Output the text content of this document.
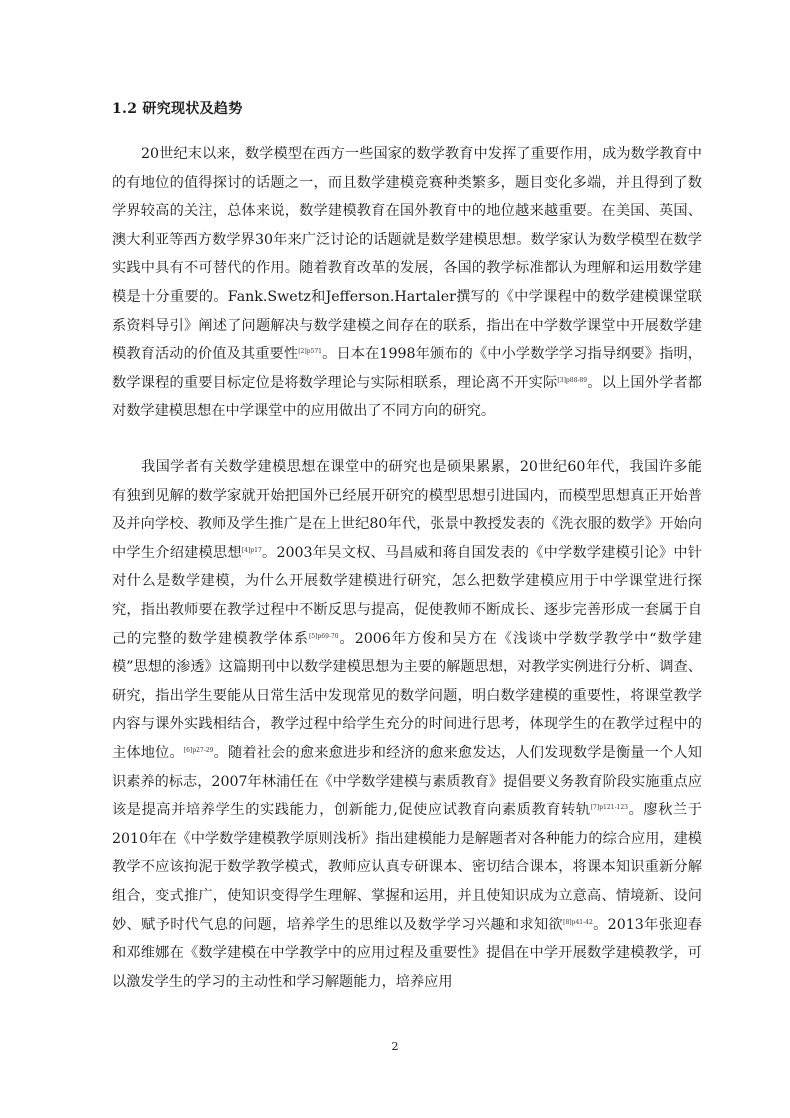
1.2 研究现状及趋势

20世纪末以来，数学模型在西方一些国家的数学教育中发挥了重要作用，成为数学教育中的有地位的值得探讨的话题之一，而且数学建模竞赛种类繁多，题目变化多端，并且得到了数学界较高的关注，总体来说，数学建模教育在国外教育中的地位越来越重要。在美国、英国、澳大利亚等西方数学界30年来广泛讨论的话题就是数学建模思想。数学家认为数学模型在数学实践中具有不可替代的作用。随着教育改革的发展，各国的教学标准都认为理解和运用数学建模是十分重要的。Fank.Swetz和Jefferson.Hartaler撰写的《中学课程中的数学建模课堂联系资料导引》阐述了问题解决与数学建模之间存在的联系，指出在中学数学课堂中开展数学建模教育活动的价值及其重要性$^{[2]p571}$。日本在1998年颁布的《中小学数学学习指导纲要》指明，数学课程的重要目标定位是将数学理论与实际相联系，理论离不开实际$^{[3]p88-89}$。以上国外学者都对数学建模思想在中学课堂中的应用做出了不同方向的研究。

我国学者有关数学建模思想在课堂中的研究也是硕果累累，20世纪60年代，我国许多能有独到见解的数学家就开始把国外已经展开研究的模型思想引进国内，而模型思想真正开始普及并向学校、教师及学生推广是在上世纪80年代，张景中教授发表的《洗衣服的数学》开始向中学生介绍建模思想$^{[4]p17}$。2003年吴文权、马昌威和蒋自国发表的《中学数学建模引论》中针对什么是数学建模，为什么开展数学建模进行研究，怎么把数学建模应用于中学课堂进行探究，指出教师要在教学过程中不断反思与提高，促使教师不断成长、逐步完善形成一套属于自己的完整的数学建模教学体系$^{[5]p69-70}$。2006年方俊和吴方在《浅谈中学数学教学中“数学建模”思想的渗透》这篇期刊中以数学建模思想为主要的解题思想，对教学实例进行分析、调查、研究，指出学生要能从日常生活中发现常见的数学问题，明白数学建模的重要性，将课堂教学内容与课外实践相结合，教学过程中给学生充分的时间进行思考，体现学生的在教学过程中的主体地位。$^{[6]p27-29}$。随着社会的愈来愈进步和经济的愈来愈发达，人们发现数学是衡量一个人知识素养的标志，2007年林浦任在《中学数学建模与素质教育》提倡要义务教育阶段实施重点应该是提高并培养学生的实践能力，创新能力,促使应试教育向素质教育转轨$^{[7]p121-123}$。廖秋兰于2010年在《中学数学建模教学原则浅析》指出建模能力是解题者对各种能力的综合应用，建模教学不应该拘泥于数学教学模式，教师应认真专研课本、密切结合课本，将课本知识重新分解组合，变式推广，使知识变得学生理解、掌握和运用，并且使知识成为立意高、情境新、设问妙、赋予时代气息的问题，培养学生的思维以及数学学习兴趣和求知欲$^{[8]p41-42}$。2013年张迎春和邓维娜在《数学建模在中学教学中的应用过程及重要性》提倡在中学开展数学建模教学，可以激发学生的学习的主动性和学习解题能力，培养应用

2
